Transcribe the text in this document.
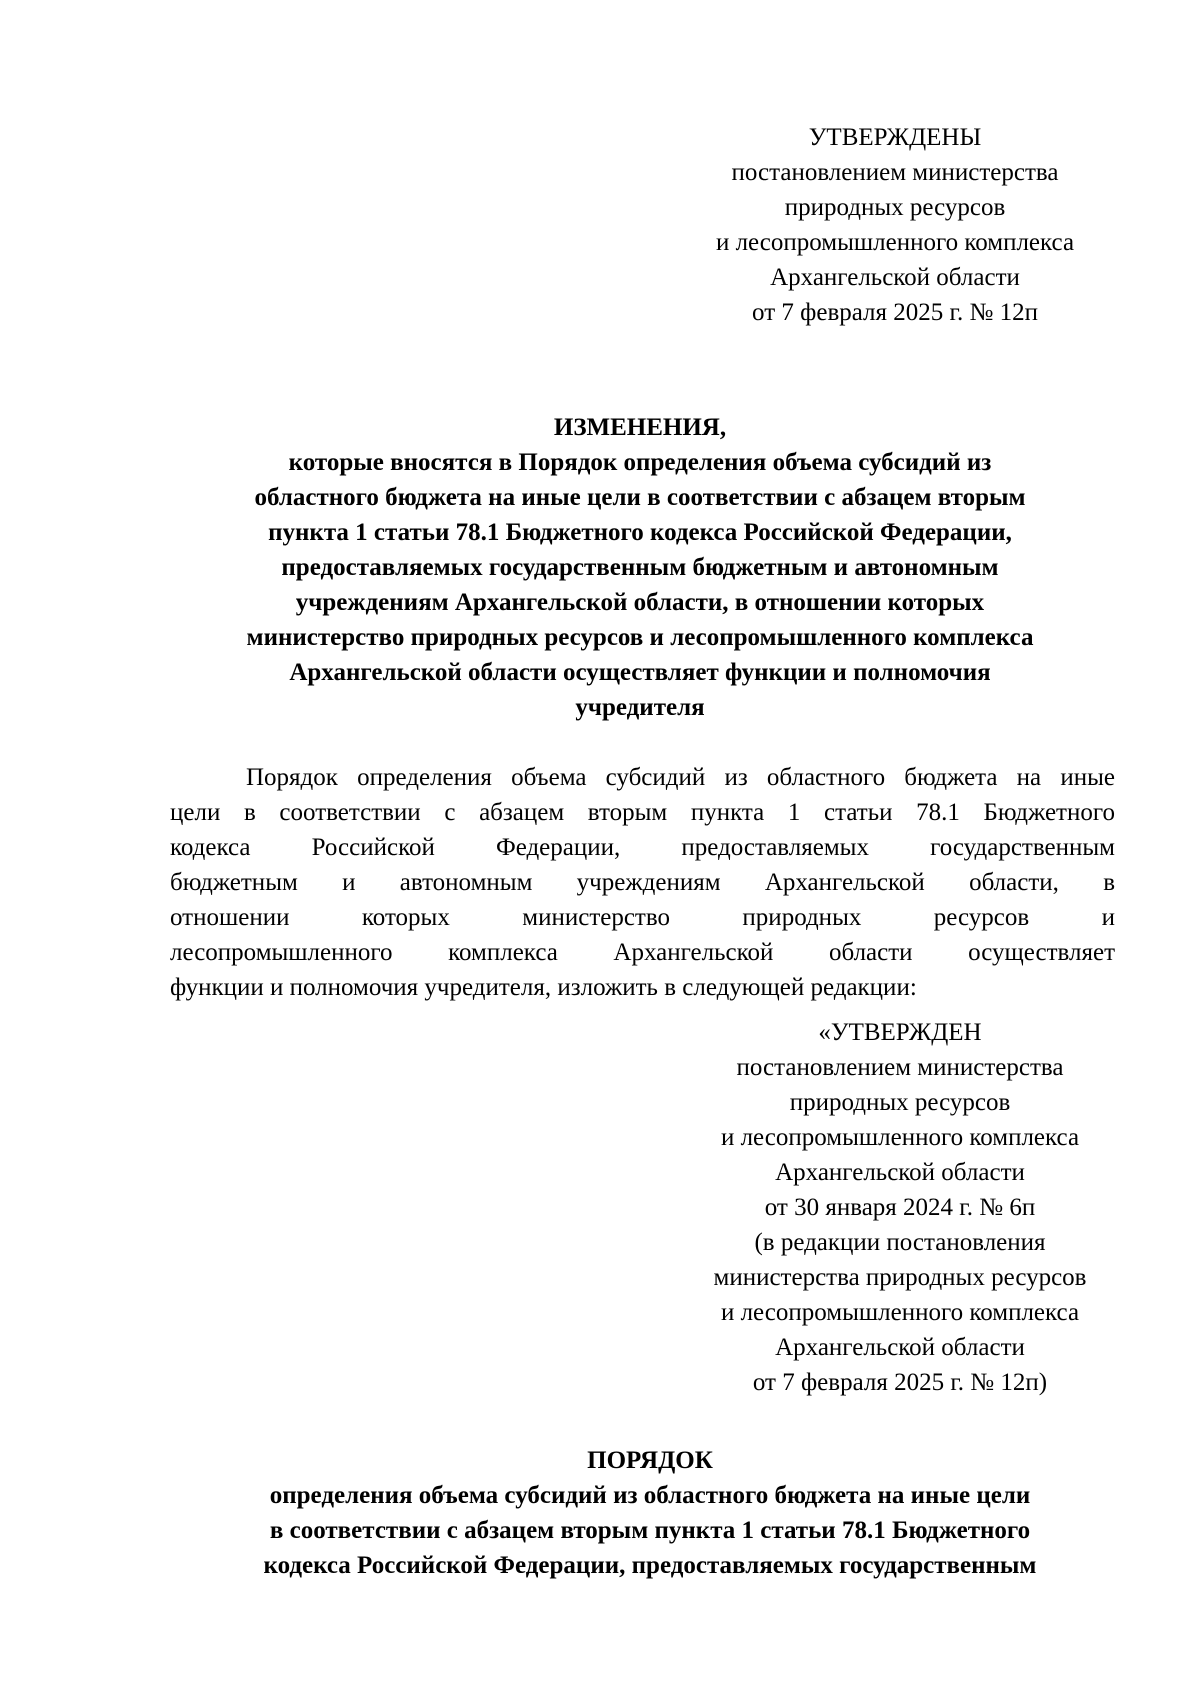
УТВЕРЖДЕНЫ
постановлением министерства
природных ресурсов
и лесопромышленного комплекса
Архангельской области
от 7 февраля 2025 г. № 12п
ИЗМЕНЕНИЯ,
которые вносятся в Порядок определения объема субсидий из
областного бюджета на иные цели в соответствии с абзацем вторым
пункта 1 статьи 78.1 Бюджетного кодекса Российской Федерации,
предоставляемых государственным бюджетным и автономным
учреждениям Архангельской области, в отношении которых
министерство природных ресурсов и лесопромышленного комплекса
Архангельской области осуществляет функции и полномочия
учредителя
Порядок определения объема субсидий из областного бюджета на иные
цели в соответствии с абзацем вторым пункта 1 статьи 78.1 Бюджетного
кодекса Российской Федерации, предоставляемых государственным
бюджетным и автономным учреждениям Архангельской области, в
отношении которых министерство природных ресурсов и
лесопромышленного комплекса Архангельской области осуществляет
функции и полномочия учредителя, изложить в следующей редакции:
«УТВЕРЖДЕН
постановлением министерства
природных ресурсов
и лесопромышленного комплекса
Архангельской области
от 30 января 2024 г. № 6п
(в редакции постановления
министерства природных ресурсов
и лесопромышленного комплекса
Архангельской области
от 7 февраля 2025 г. № 12п)
ПОРЯДОК
определения объема субсидий из областного бюджета на иные цели
в соответствии с абзацем вторым пункта 1 статьи 78.1 Бюджетного
кодекса Российской Федерации, предоставляемых государственным
